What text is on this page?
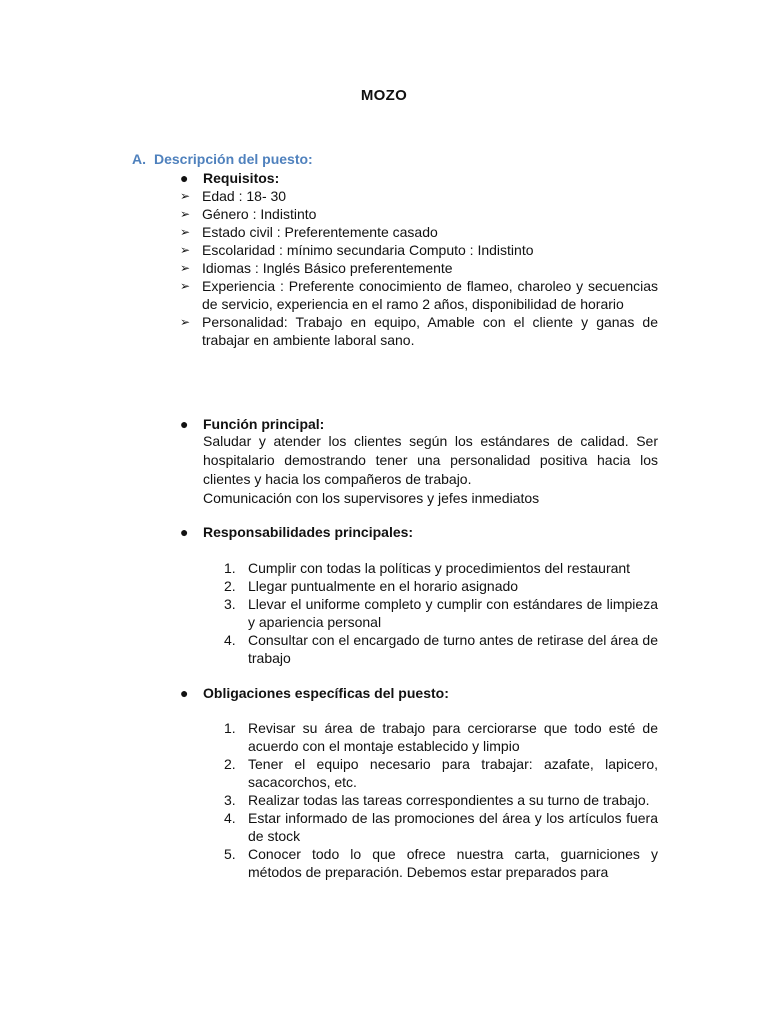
MOZO
A. Descripción del puesto:
● Requisitos:
➢ Edad : 18- 30
➢ Género : Indistinto
➢ Estado civil : Preferentemente casado
➢ Escolaridad : mínimo secundaria Computo : Indistinto
➢ Idiomas : Inglés Básico preferentemente
➢ Experiencia : Preferente conocimiento de flameo, charoleo y secuencias de servicio, experiencia en el ramo 2 años, disponibilidad de horario
➢ Personalidad: Trabajo en equipo, Amable con el cliente y ganas de trabajar en ambiente laboral sano.
● Función principal:
Saludar y atender los clientes según los estándares de calidad. Ser hospitalario demostrando tener una personalidad positiva hacia los clientes y hacia los compañeros de trabajo.
Comunicación con los supervisores y jefes inmediatos
● Responsabilidades principales:
1. Cumplir con todas la políticas y procedimientos del restaurant
2. Llegar puntualmente en el horario asignado
3. Llevar el uniforme completo y cumplir con estándares de limpieza y apariencia personal
4. Consultar con el encargado de turno antes de retirase del área de trabajo
● Obligaciones específicas del puesto:
1. Revisar su área de trabajo para cerciorarse que todo esté de acuerdo con el montaje establecido y limpio
2. Tener el equipo necesario para trabajar: azafate, lapicero, sacacorchos, etc.
3. Realizar todas las tareas correspondientes a su turno de trabajo.
4. Estar informado de las promociones del área y los artículos fuera de stock
5. Conocer todo lo que ofrece nuestra carta, guarniciones y métodos de preparación. Debemos estar preparados para
